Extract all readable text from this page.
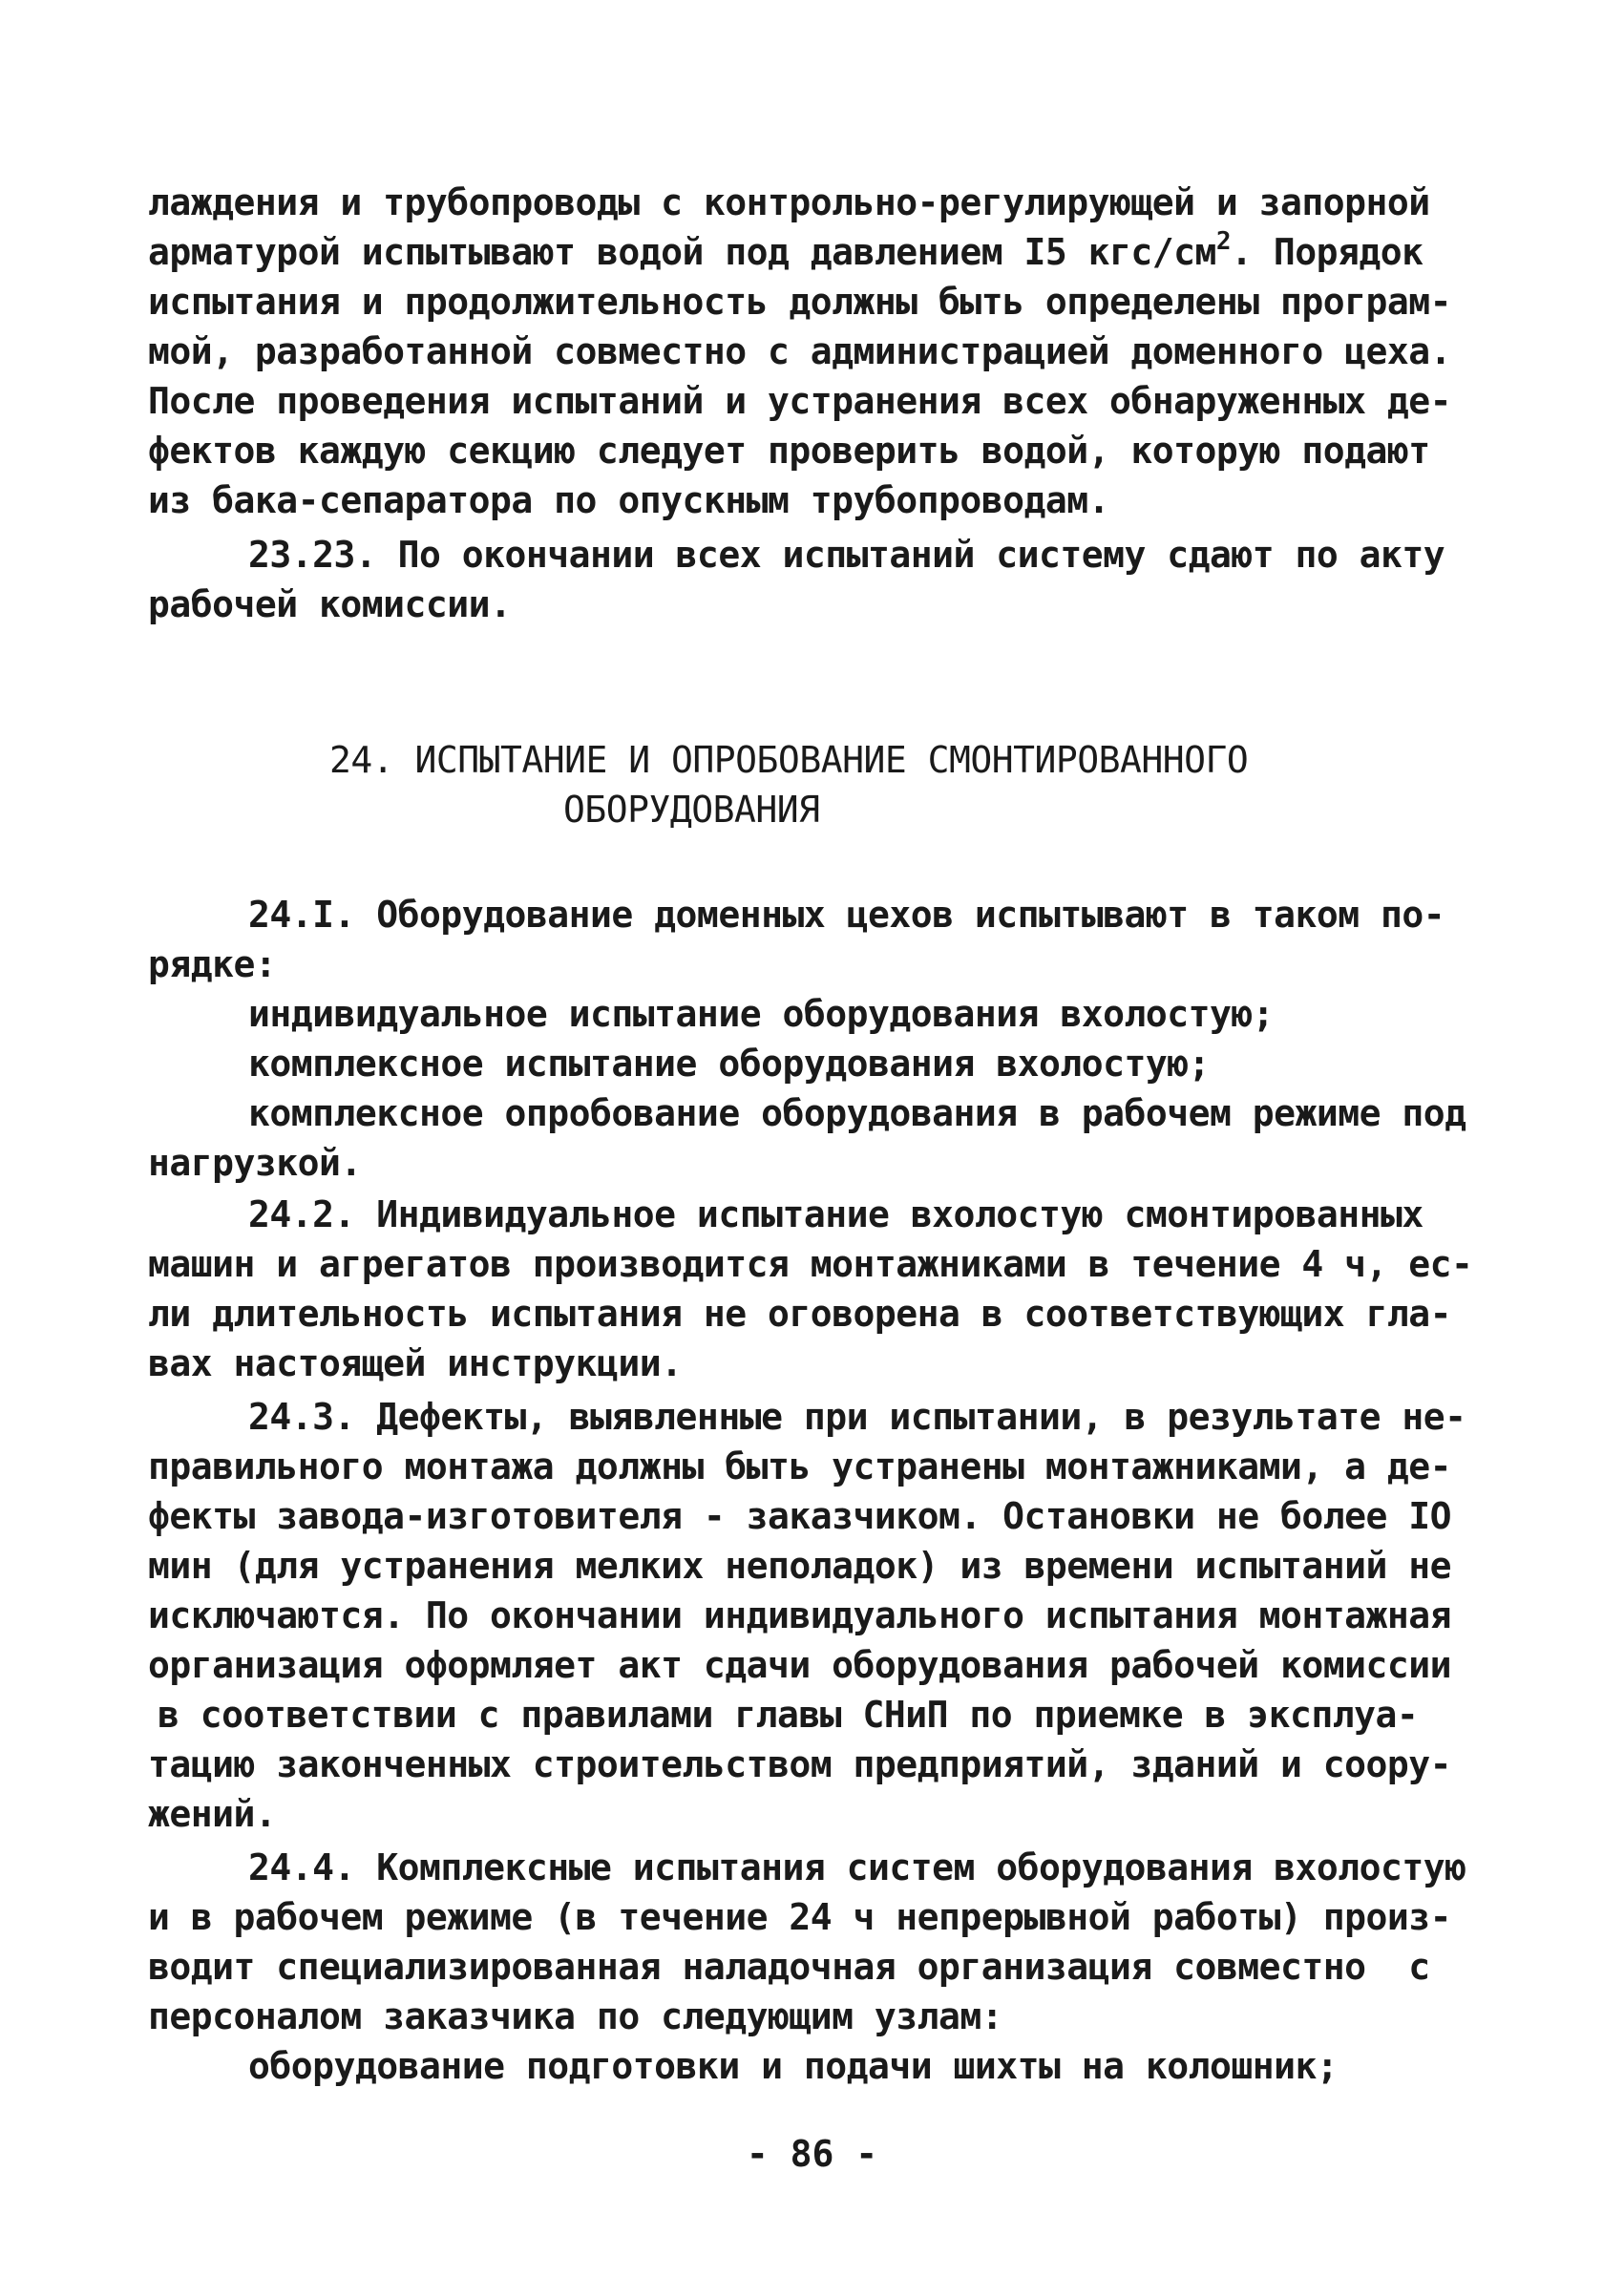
лаждения и трубопроводы с контрольно-регулирующей и запорной
арматурой испытывают водой под давлением I5 кгс/$см^2$. Порядок
испытания и продолжительность должны быть определены програм-
мой, разработанной совместно с администрацией доменного цеха.
После проведения испытаний и устранения всех обнаруженных де-
фектов каждую секцию следует проверить водой, которую подают
из бака-сепаратора по опускным трубопроводам.
23.23. По окончании всех испытаний систему сдают по акту
рабочей комиссии.
24. ИСПЫТАНИЕ И ОПРОБОВАНИЕ СМОНТИРОВАННОГО
ОБОРУДОВАНИЯ
24.I. Оборудование доменных цехов испытывают в таком по-
рядке:
индивидуальное испытание оборудования вхолостую;
комплексное испытание оборудования вхолостую;
комплексное опробование оборудования в рабочем режиме под
нагрузкой.
24.2. Индивидуальное испытание вхолостую смонтированных
машин и агрегатов производится монтажниками в течение 4 ч, ес-
ли длительность испытания не оговорена в соответствующих гла-
вах настоящей инструкции.
24.3. Дефекты, выявленные при испытании, в результате не-
правильного монтажа должны быть устранены монтажниками, а де-
фекты завода-изготовителя - заказчиком. Остановки не более IO
мин (для устранения мелких неполадок) из времени испытаний не
исключаются. По окончании индивидуального испытания монтажная
организация оформляет акт сдачи оборудования рабочей комиссии
в соответствии с правилами главы СНиП по приемке в эксплуа-
тацию законченных строительством предприятий, зданий и соору-
жений.
24.4. Комплексные испытания систем оборудования вхолостую
и в рабочем режиме (в течение 24 ч непрерывной работы) произ-
водит специализированная наладочная организация совместно  с
персоналом заказчика по следующим узлам:
оборудование подготовки и подачи шихты на колошник;
- 86 -
